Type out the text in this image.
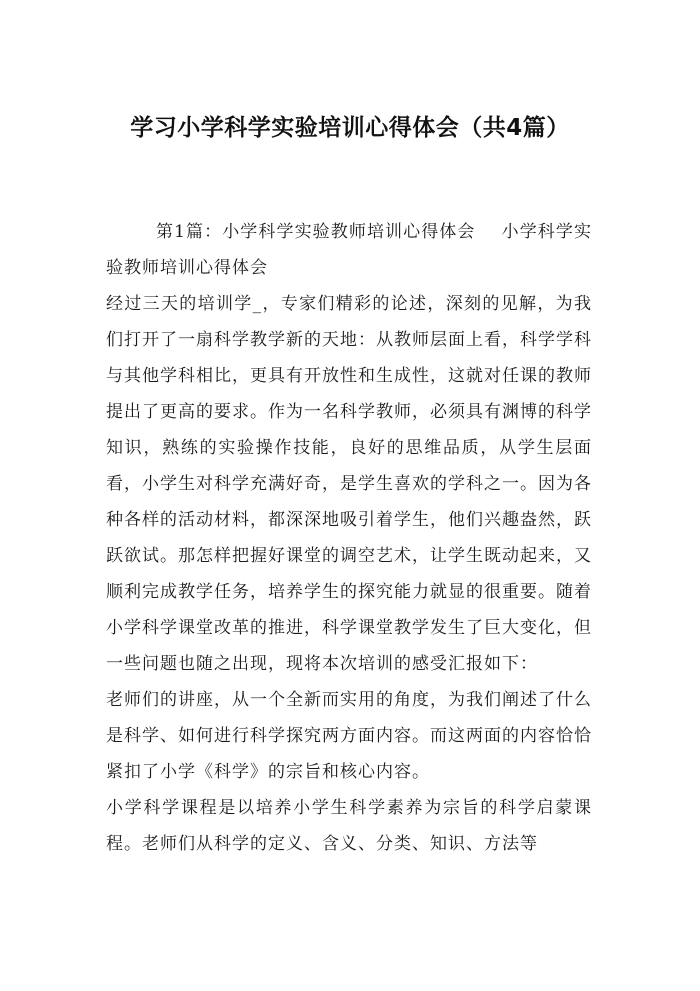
学习小学科学实验培训心得体会（共4篇）

第1篇：小学科学实验教师培训心得体会 小学科学实验教师培训心得体会

经过三天的培训学_，专家们精彩的论述，深刻的见解，为我们打开了一扇科学教学新的天地：从教师层面上看，科学学科与其他学科相比，更具有开放性和生成性，这就对任课的教师提出了更高的要求。作为一名科学教师，必须具有渊博的科学知识，熟练的实验操作技能，良好的思维品质，从学生层面看，小学生对科学充满好奇，是学生喜欢的学科之一。因为各种各样的活动材料，都深深地吸引着学生，他们兴趣盎然，跃跃欲试。那怎样把握好课堂的调空艺术，让学生既动起来，又顺利完成教学任务，培养学生的探究能力就显的很重要。随着小学科学课堂改革的推进，科学课堂教学发生了巨大变化，但一些问题也随之出现，现将本次培训的感受汇报如下：

老师们的讲座，从一个全新而实用的角度，为我们阐述了什么是科学、如何进行科学探究两方面内容。而这两面的内容恰恰紧扣了小学《科学》的宗旨和核心内容。

小学科学课程是以培养小学生科学素养为宗旨的科学启蒙课程。老师们从科学的定义、含义、分类、知识、方法等
